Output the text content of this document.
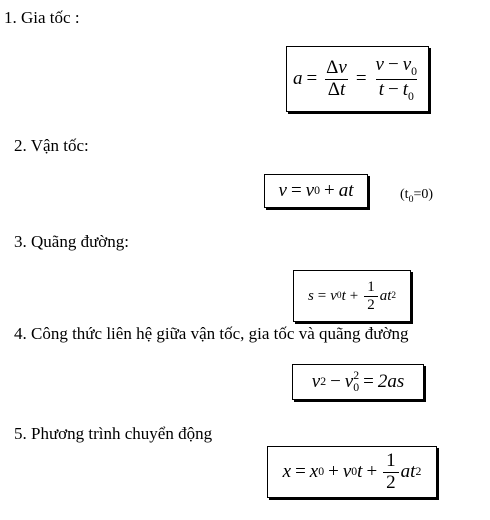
1. Gia tốc :
$a = \frac{\Delta v}{\Delta t} = \frac{v - v_0}{t - t_0}$
2. Vận tốc:
v = v 0 + at	$(t_0=0)$
3. Quãng đường:
s = v 0 $t + \frac{1}{2}$ at 2
4. Công thức liên hệ giữa vận tốc, gia tốc và quãng đường
v 2 − v 2
0 = 2as
5. Phương trình chuyển động
x = x 0 + v 0 $t + \frac{1}{2}$ at 2
